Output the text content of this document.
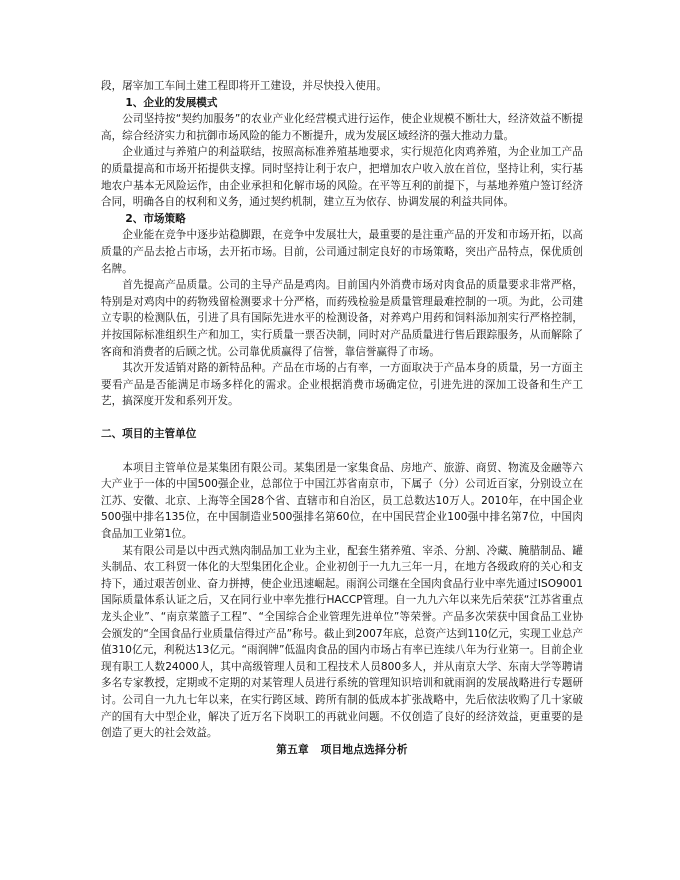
段，屠宰加工车间土建工程即将开工建设，并尽快投入使用。

1、企业的发展模式

公司坚持按“契约加服务”的农业产业化经营模式进行运作，使企业规模不断壮大，经济效益不断提高，综合经济实力和抗御市场风险的能力不断提升，成为发展区域经济的强大推动力量。

企业通过与养殖户的利益联结，按照高标准养殖基地要求，实行规范化肉鸡养殖，为企业加工产品的质量提高和市场开拓提供支撑。同时坚持让利于农户，把增加农户收入放在首位，坚持让利，实行基地农户基本无风险运作，由企业承担和化解市场的风险。在平等互利的前提下，与基地养殖户签订经济合同，明确各自的权利和义务，通过契约机制，建立互为依存、协调发展的利益共同体。

2、市场策略

企业能在竞争中逐步站稳脚跟，在竞争中发展壮大，最重要的是注重产品的开发和市场开拓，以高质量的产品去抢占市场，去开拓市场。目前，公司通过制定良好的市场策略，突出产品特点，保优质创名牌。

首先提高产品质量。公司的主导产品是鸡肉。目前国内外消费市场对肉食品的质量要求非常严格，特别是对鸡肉中的药物残留检测要求十分严格，而药残检验是质量管理最难控制的一项。为此，公司建立专职的检测队伍，引进了具有国际先进水平的检测设备，对养鸡户用药和饲料添加剂实行严格控制，并按国际标准组织生产和加工，实行质量一票否决制，同时对产品质量进行售后跟踪服务，从而解除了客商和消费者的后顾之忧。公司靠优质赢得了信誉，靠信誉赢得了市场。

其次开发适销对路的新特品种。产品在市场的占有率，一方面取决于产品本身的质量，另一方面主要看产品是否能满足市场多样化的需求。企业根据消费市场确定位，引进先进的深加工设备和生产工艺，搞深度开发和系列开发。

二、项目的主管单位

本项目主管单位是某集团有限公司。某集团是一家集食品、房地产、旅游、商贸、物流及金融等六大产业于一体的中国500强企业，总部位于中国江苏省南京市，下属子（分）公司近百家，分别设立在江苏、安徽、北京、上海等全国28个省、直辖市和自治区，员工总数达10万人。2010年，在中国企业500强中排名135位，在中国制造业500强排名第60位，在中国民营企业100强中排名第7位，中国肉食品加工业第1位。

某有限公司是以中西式熟肉制品加工业为主业，配套生猪养殖、宰杀、分割、冷藏、腌腊制品、罐头制品、农工科贸一体化的大型集团化企业。企业初创于一九九三年一月，在地方各级政府的关心和支持下，通过艰苦创业、奋力拼搏，使企业迅速崛起。雨润公司继在全国肉食品行业中率先通过ISO9001国际质量体系认证之后，又在同行业中率先推行HACCP管理。自一九九六年以来先后荣获“江苏省重点龙头企业”、“南京菜篮子工程”、“全国综合企业管理先进单位”等荣誉。产品多次荣获中国食品工业协会颁发的“全国食品行业质量信得过产品”称号。截止到2007年底，总资产达到110亿元，实现工业总产值310亿元，利税达13亿元。“雨润牌”低温肉食品的国内市场占有率已连续八年为行业第一。目前企业现有职工人数24000人，其中高级管理人员和工程技术人员800多人，并从南京大学、东南大学等聘请多名专家教授，定期或不定期的对某管理人员进行系统的管理知识培训和就雨润的发展战略进行专题研讨。公司自一九九七年以来，在实行跨区域、跨所有制的低成本扩张战略中，先后依法收购了几十家破产的国有大中型企业，解决了近万名下岗职工的再就业问题。不仅创造了良好的经济效益，更重要的是创造了更大的社会效益。

第五章 项目地点选择分析
